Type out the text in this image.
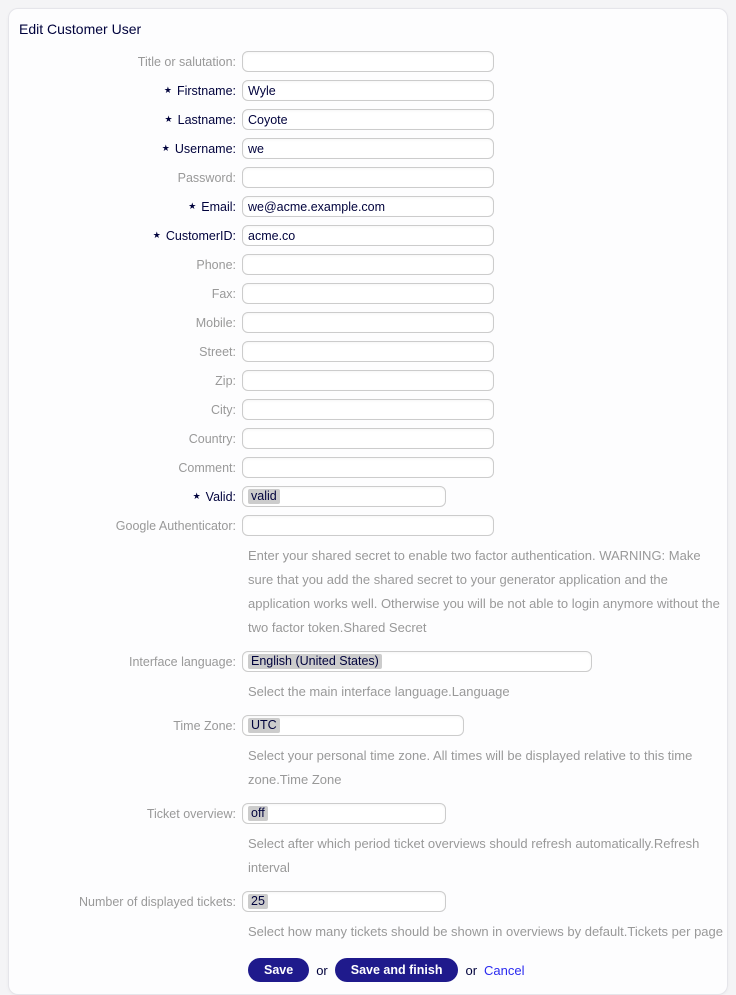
Edit Customer User
Title or salutation:
★ Firstname:
Wyle
★ Lastname:
Coyote
★ Username:
we
Password:
★ Email:
we@acme.example.com
★ CustomerID:
acme.co
Phone:
Fax:
Mobile:
Street:
Zip:
City:
Country:
Comment:
★ Valid:	valid
Google Authenticator:
Enter your shared secret to enable two factor authentication. WARNING: Make sure that you add the shared secret to your generator application and the application works well. Otherwise you will be not able to login anymore without the two factor token.Shared Secret
Interface language:	English (United States)
Select the main interface language.Language
Time Zone:	UTC
Select your personal time zone. All times will be displayed relative to this time zone.Time Zone
Ticket overview:	off
Select after which period ticket overviews should refresh automatically.Refresh interval
Number of displayed tickets:	25
Select how many tickets should be shown in overviews by default.Tickets per page
Save	or	Save and finish	or Cancel
